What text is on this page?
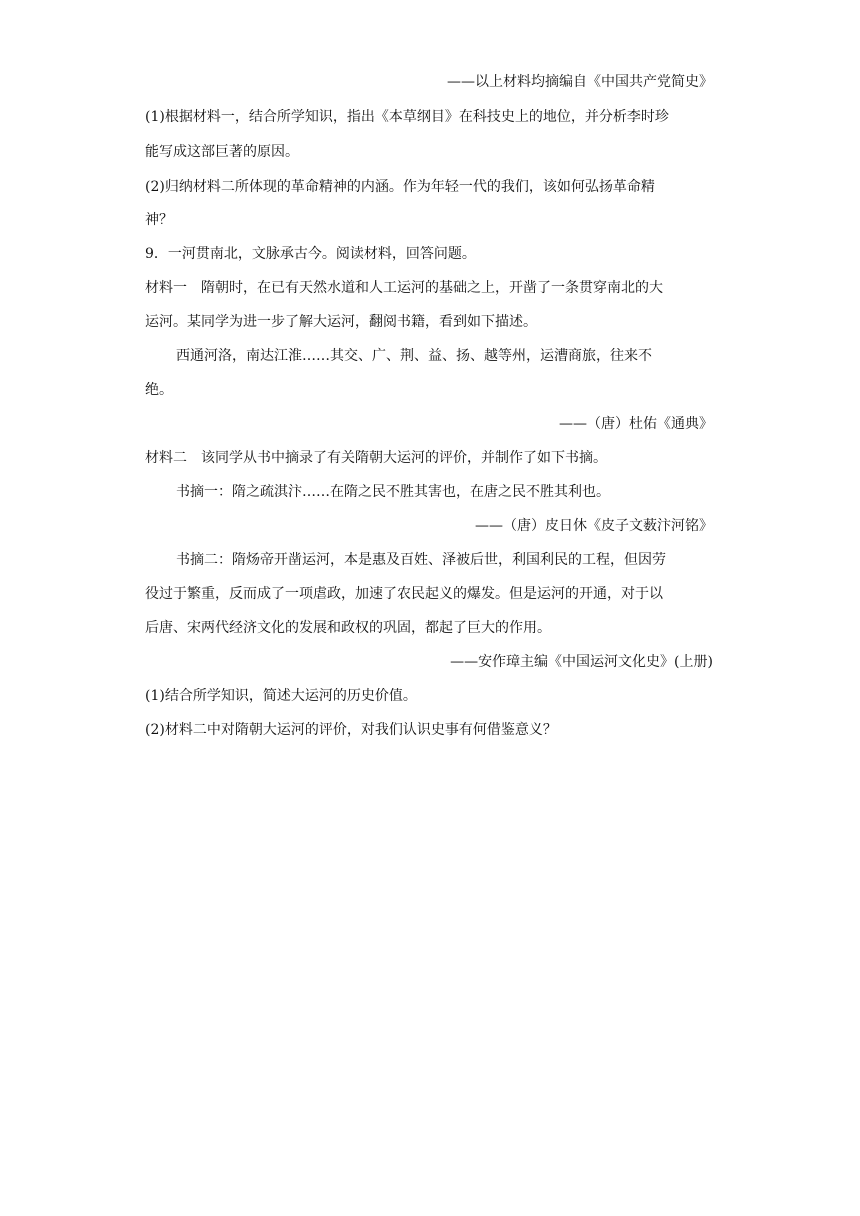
——以上材料均摘编自《中国共产党简史》
(1)根据材料一，结合所学知识，指出《本草纲目》在科技史上的地位，并分析李时珍
能写成这部巨著的原因。
(2)归纳材料二所体现的革命精神的内涵。作为年轻一代的我们，该如何弘扬革命精
神？
9．一河贯南北，文脉承古今。阅读材料，回答问题。
材料一　隋朝时，在已有天然水道和人工运河的基础之上，开凿了一条贯穿南北的大
运河。某同学为进一步了解大运河，翻阅书籍，看到如下描述。
西通河洛，南达江淮……其交、广、荆、益、扬、越等州，运漕商旅，往来不
绝。
——（唐）杜佑《通典》
材料二　该同学从书中摘录了有关隋朝大运河的评价，并制作了如下书摘。
书摘一：隋之疏淇汴……在隋之民不胜其害也，在唐之民不胜其利也。
——（唐）皮日休《皮子文薮汴河铭》
书摘二：隋炀帝开凿运河，本是惠及百姓、泽被后世，利国利民的工程，但因劳
役过于繁重，反而成了一项虐政，加速了农民起义的爆发。但是运河的开通，对于以
后唐、宋两代经济文化的发展和政权的巩固，都起了巨大的作用。
——安作璋主编《中国运河文化史》(上册)
(1)结合所学知识，简述大运河的历史价值。
(2)材料二中对隋朝大运河的评价，对我们认识史事有何借鉴意义？
